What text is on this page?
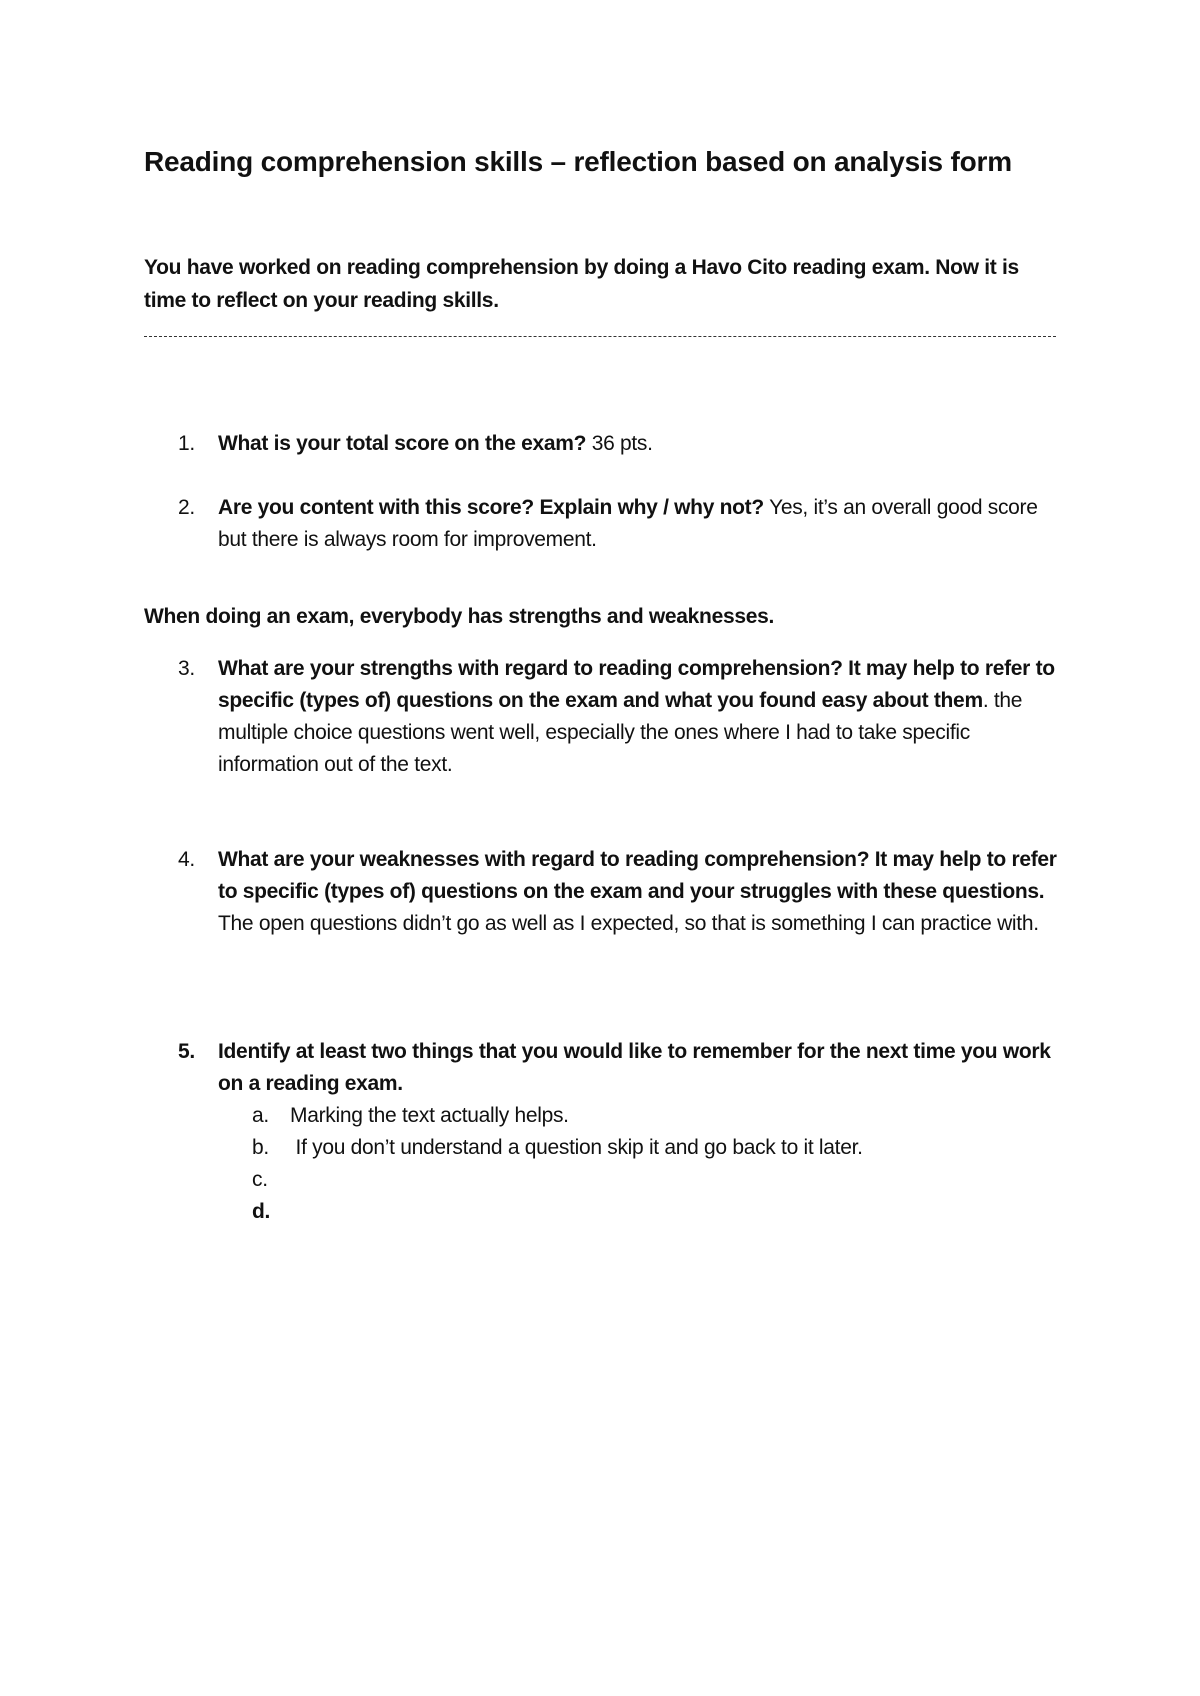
Reading comprehension skills – reflection based on analysis form
You have worked on reading comprehension by doing a Havo Cito reading exam. Now it is time to reflect on your reading skills.
1. What is your total score on the exam? 36 pts.
2. Are you content with this score? Explain why / why not? Yes, it’s an overall good score but there is always room for improvement.
When doing an exam, everybody has strengths and weaknesses.
3. What are your strengths with regard to reading comprehension? It may help to refer to specific (types of) questions on the exam and what you found easy about them. the multiple choice questions went well, especially the ones where I had to take specific information out of the text.
4. What are your weaknesses with regard to reading comprehension? It may help to refer to specific (types of) questions on the exam and your struggles with these questions. The open questions didn’t go as well as I expected, so that is something I can practice with.
5. Identify at least two things that you would like to remember for the next time you work on a reading exam.
a. Marking the text actually helps.
b. If you don’t understand a question skip it and go back to it later.
c.
d.
